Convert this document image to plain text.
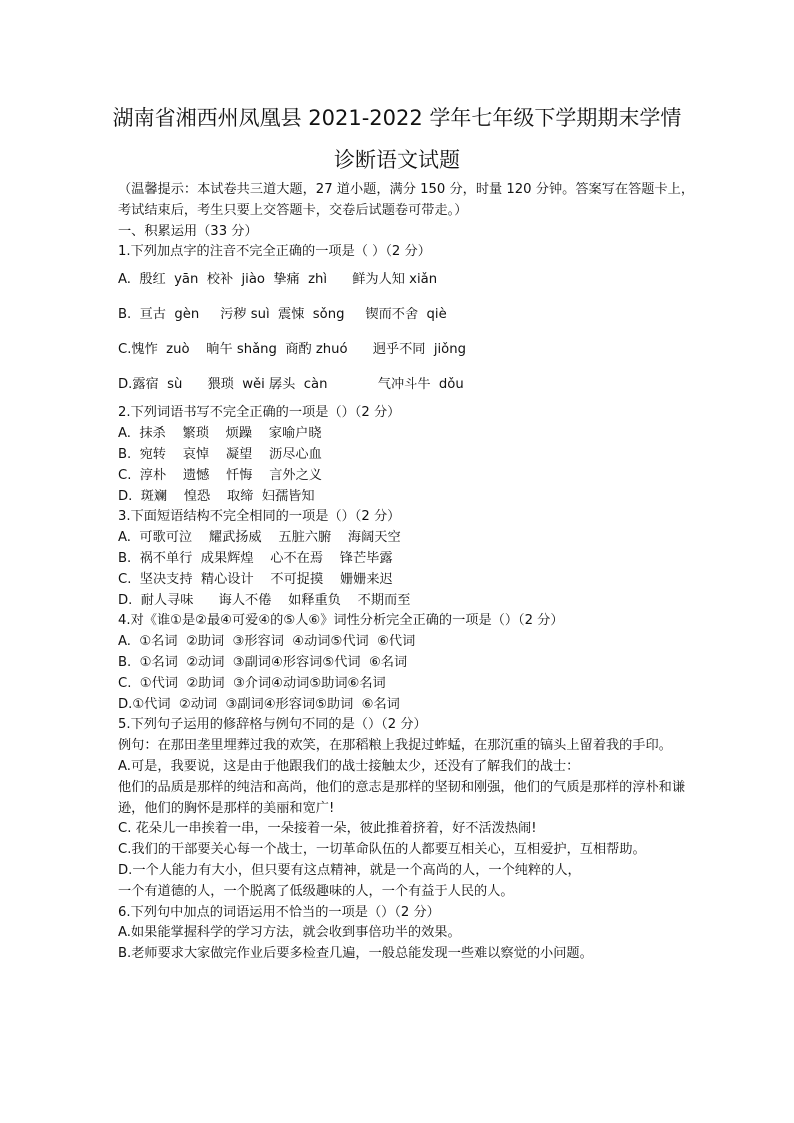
湖南省湘西州凤凰县 2021-2022 学年七年级下学期期末学情
诊断语文试题

（温馨提示：本试卷共三道大题，27 道小题，满分 150 分，时量 120 分钟。答案写在答题卡上，考试结束后，考生只要上交答题卡，交卷后试题卷可带走。）

一、积累运用（33 分）

1.下列加点字的注音不完全正确的一项是（ ）（2 分）

A.  殷红  yān  校补  jiào  挚痛  zhì      鲜为人知 xiǎn

B.  亘古  gèn     污秽 suì  震悚  sǒng     锲而不舍  qiè

C.愧怍  zuò    晌午 shǎng  商酌 zhuó      迥乎不同  jiǒng

D.露宿  sù      猥琐  wěi 孱头  càn            气冲斗牛  dǒu

2.下列词语书写不完全正确的一项是（）（2 分）

A.  抹杀    繁琐    烦躁    家喻户晓

B.  宛转    哀悼    凝望    沥尽心血

C.  淳朴    遗憾    忏悔    言外之义

D.  斑斓    惶恐    取缔  妇孺皆知

3.下面短语结构不完全相同的一项是（）（2 分）

A.  可歌可泣    耀武扬威    五脏六腑    海阔天空

B.  祸不单行  成果辉煌    心不在焉    锋芒毕露

C.  坚决支持  精心设计    不可捉摸    姗姗来迟

D.  耐人寻味      诲人不倦    如释重负    不期而至

4.对《谁①是②最④可爱④的⑤人⑥》词性分析完全正确的一项是（）（2 分）

A.  ①名词  ②助词  ③形容词  ④动词⑤代词  ⑥代词

B.  ①名词  ②动词  ③副词④形容词⑤代词  ⑥名词

C.  ①代词  ②助词  ③介词④动词⑤助词⑥名词

D.①代词  ②动词  ③副词④形容词⑤助词  ⑥名词

5.下列句子运用的修辞格与例句不同的是（）（2 分）

例句：在那田垄里埋葬过我的欢笑，在那稻粮上我捉过蚱蜢，在那沉重的镐头上留着我的手印。

A.可是，我要说，这是由于他跟我们的战士接触太少，还没有了解我们的战士：

他们的品质是那样的纯洁和高尚，他们的意志是那样的坚韧和刚强，他们的气质是那样的淳朴和谦逊，他们的胸怀是那样的美丽和宽广!

C. 花朵儿一串挨着一串，一朵接着一朵，彼此推着挤着，好不活泼热闹!

C.我们的干部要关心每一个战士，一切革命队伍的人都要互相关心，互相爱护，互相帮助。

D.一个人能力有大小，但只要有这点精神，就是一个高尚的人，一个纯粹的人，

一个有道德的人，一个脱离了低级趣味的人，一个有益于人民的人。

6.下列句中加点的词语运用不恰当的一项是（）（2 分）

A.如果能掌握科学的学习方法，就会收到事倍功半的效果。

B.老师要求大家做完作业后要多检查几遍，一般总能发现一些难以察觉的小问题。
